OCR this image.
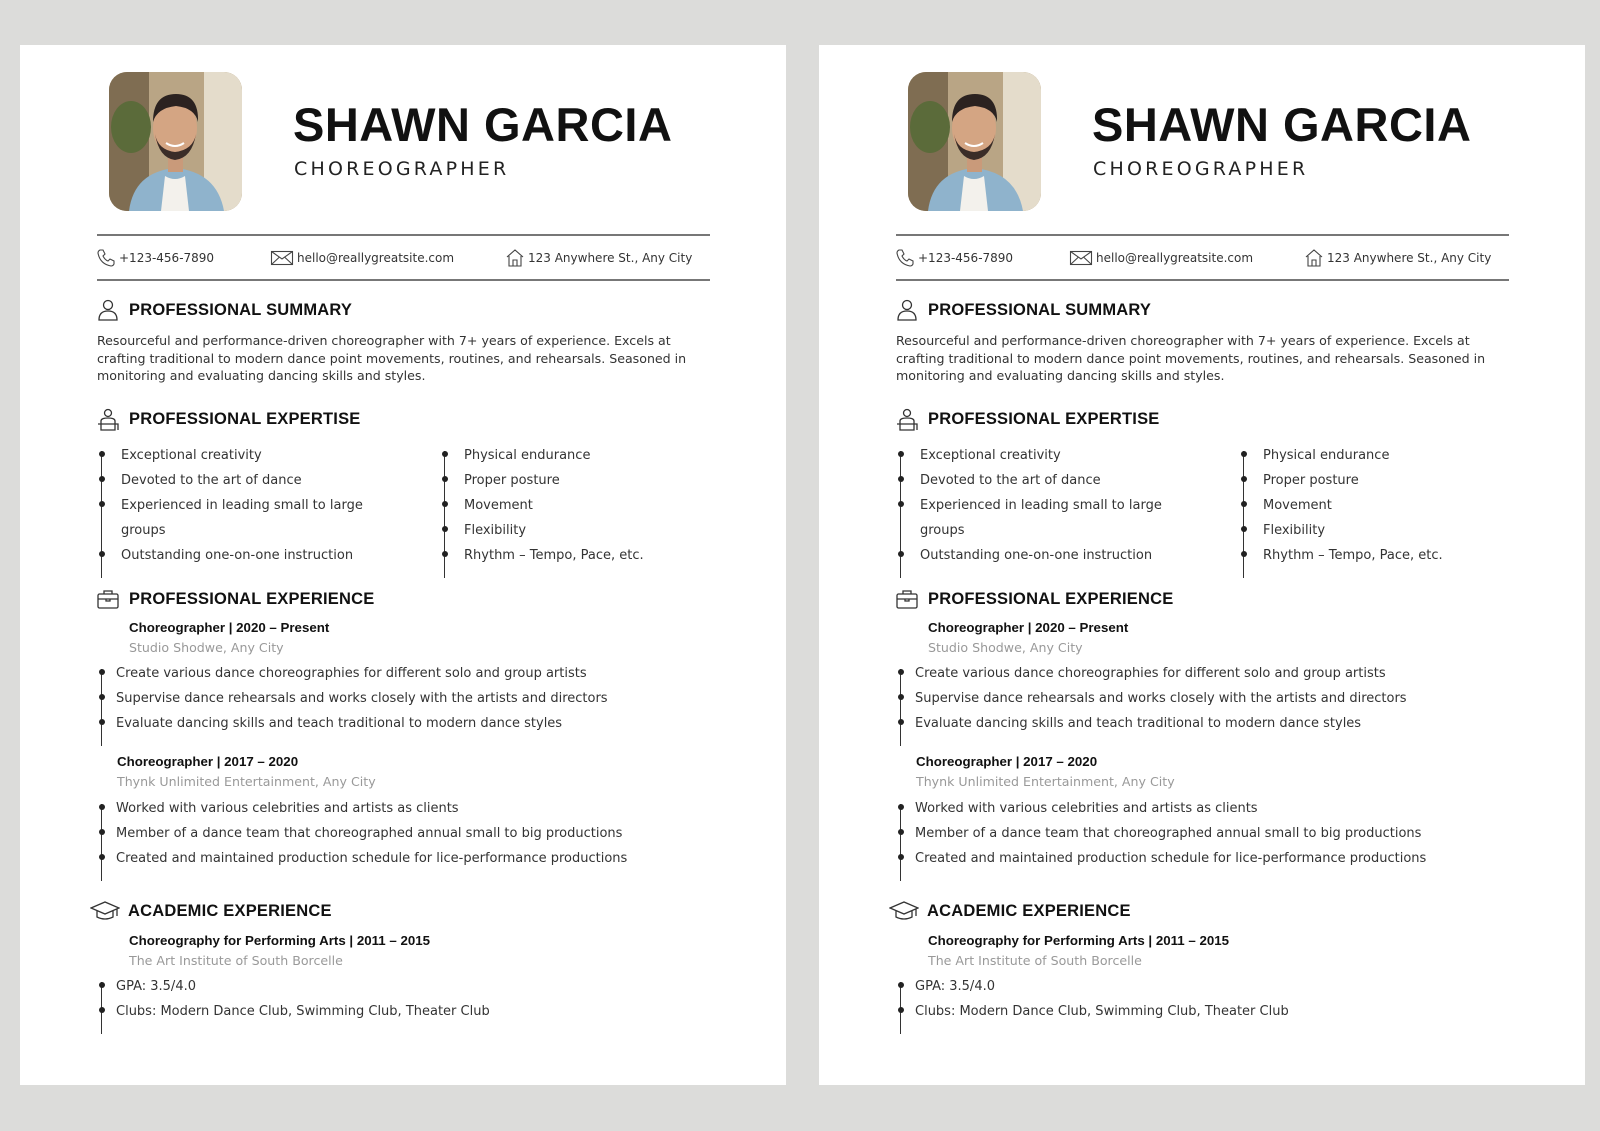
SHAWN GARCIA
CHOREOGRAPHER
+123-456-7890	hello@reallygreatsite.com	123 Anywhere St., Any City
PROFESSIONAL SUMMARY

Resourceful and performance-driven choreographer with 7+ years of experience. Excels at crafting traditional to modern dance point movements, routines, and rehearsals. Seasoned in monitoring and evaluating dancing skills and styles.

PROFESSIONAL EXPERTISE
Exceptional creativity
Devoted to the art of dance
Experienced in leading small to large
groups
Outstanding one-on-one instruction
Physical endurance
Proper posture
Movement
Flexibility
Rhythm – Tempo, Pace, etc.
PROFESSIONAL EXPERIENCE
Choreographer | 2020 – Present
Studio Shodwe, Any City
Create various dance choreographies for different solo and group artists
Supervise dance rehearsals and works closely with the artists and directors
Evaluate dancing skills and teach traditional to modern dance styles
Choreographer | 2017 – 2020
Thynk Unlimited Entertainment, Any City
Worked with various celebrities and artists as clients
Member of a dance team that choreographed annual small to big productions
Created and maintained production schedule for lice-performance productions
ACADEMIC EXPERIENCE
Choreography for Performing Arts | 2011 – 2015
The Art Institute of South Borcelle
GPA: 3.5/4.0
Clubs: Modern Dance Club, Swimming Club, Theater Club
SHAWN GARCIA
CHOREOGRAPHER
+123-456-7890	hello@reallygreatsite.com	123 Anywhere St., Any City
PROFESSIONAL SUMMARY

Resourceful and performance-driven choreographer with 7+ years of experience. Excels at crafting traditional to modern dance point movements, routines, and rehearsals. Seasoned in monitoring and evaluating dancing skills and styles.

PROFESSIONAL EXPERTISE
Exceptional creativity
Devoted to the art of dance
Experienced in leading small to large
groups
Outstanding one-on-one instruction
Physical endurance
Proper posture
Movement
Flexibility
Rhythm – Tempo, Pace, etc.
PROFESSIONAL EXPERIENCE
Choreographer | 2020 – Present
Studio Shodwe, Any City
Create various dance choreographies for different solo and group artists
Supervise dance rehearsals and works closely with the artists and directors
Evaluate dancing skills and teach traditional to modern dance styles
Choreographer | 2017 – 2020
Thynk Unlimited Entertainment, Any City
Worked with various celebrities and artists as clients
Member of a dance team that choreographed annual small to big productions
Created and maintained production schedule for lice-performance productions
ACADEMIC EXPERIENCE
Choreography for Performing Arts | 2011 – 2015
The Art Institute of South Borcelle
GPA: 3.5/4.0
Clubs: Modern Dance Club, Swimming Club, Theater Club
